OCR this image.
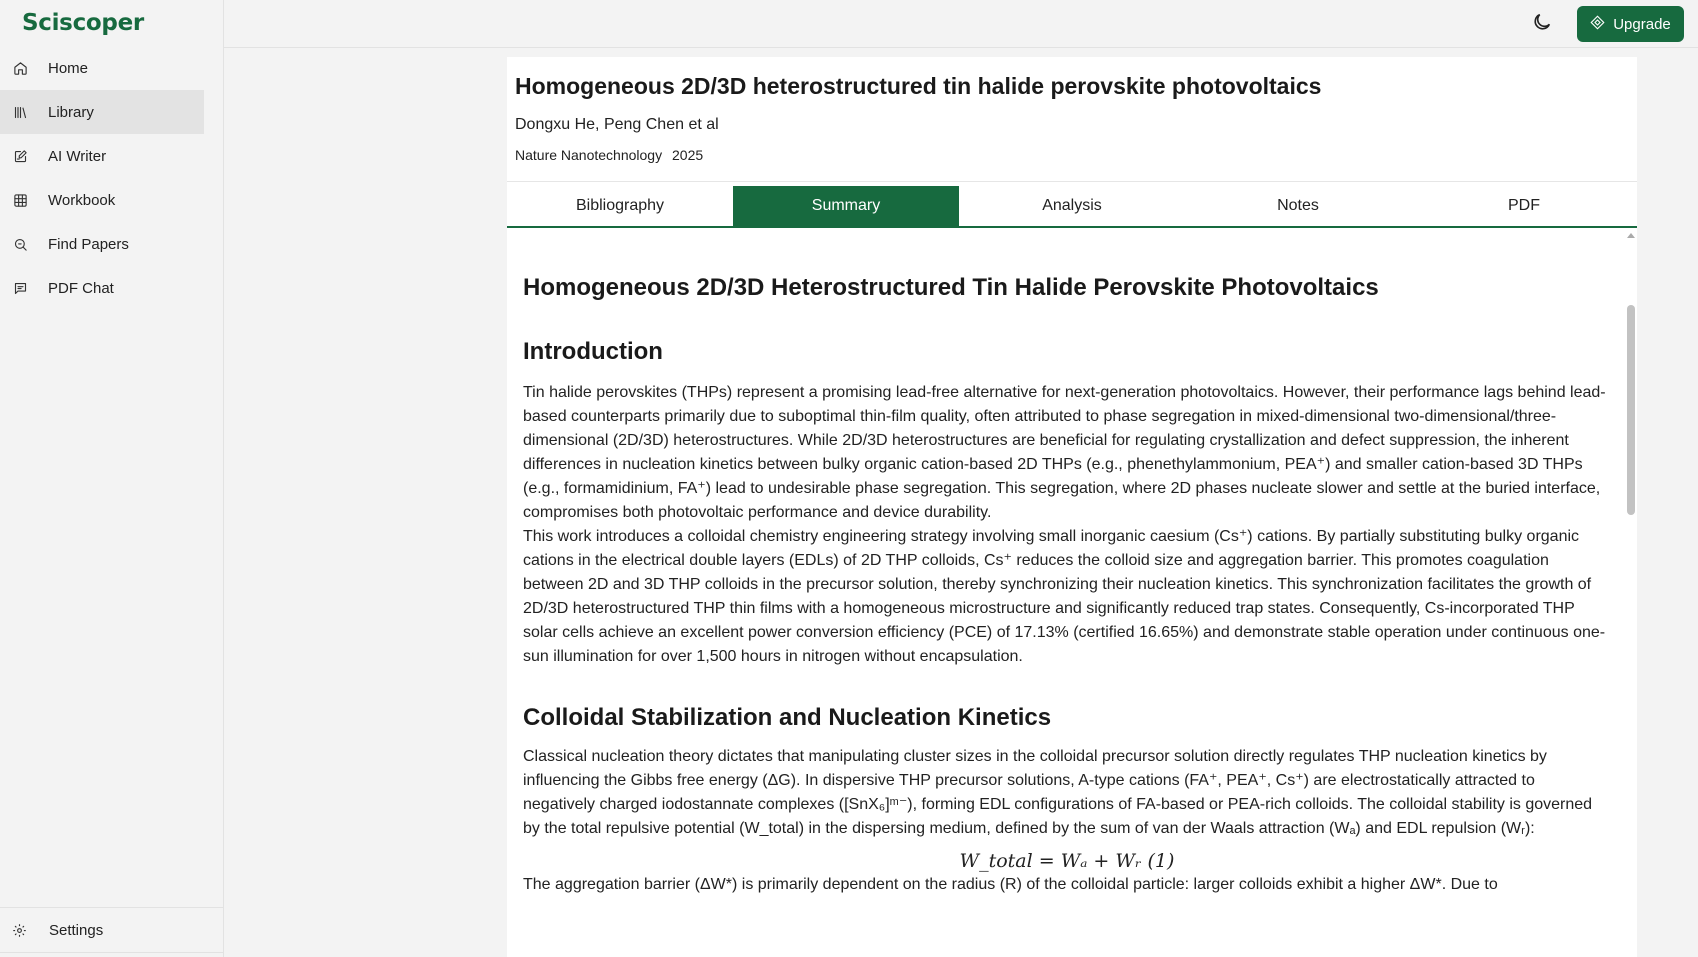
Sciscoper
Home
Library
AI Writer
Workbook
Find Papers
PDF Chat
Settings
Upgrade
Homogeneous 2D/3D heterostructured tin halide perovskite photovoltaics
Dongxu He, Peng Chen et al
Nature Nanotechnology 2025
Bibliography	Summary	Analysis	Notes	PDF
Homogeneous 2D/3D Heterostructured Tin Halide Perovskite Photovoltaics
Introduction

Tin halide perovskites (THPs) represent a promising lead-free alternative for next-generation photovoltaics. However, their performance lags behind lead-based counterparts primarily due to suboptimal thin-film quality, often attributed to phase segregation in mixed-dimensional two-dimensional/three-dimensional (2D/3D) heterostructures. While 2D/3D heterostructures are beneficial for regulating crystallization and defect suppression, the inherent differences in nucleation kinetics between bulky organic cation-based 2D THPs (e.g., phenethylammonium, PEA⁺) and smaller cation-based 3D THPs (e.g., formamidinium, FA⁺) lead to undesirable phase segregation. This segregation, where 2D phases nucleate slower and settle at the buried interface, compromises both photovoltaic performance and device durability.

This work introduces a colloidal chemistry engineering strategy involving small inorganic caesium (Cs⁺) cations. By partially substituting bulky organic cations in the electrical double layers (EDLs) of 2D THP colloids, Cs⁺ reduces the colloid size and aggregation barrier. This promotes coagulation between 2D and 3D THP colloids in the precursor solution, thereby synchronizing their nucleation kinetics. This synchronization facilitates the growth of 2D/3D heterostructured THP thin films with a homogeneous microstructure and significantly reduced trap states. Consequently, Cs-incorporated THP solar cells achieve an excellent power conversion efficiency (PCE) of 17.13% (certified 16.65%) and demonstrate stable operation under continuous one-sun illumination for over 1,500 hours in nitrogen without encapsulation.

Colloidal Stabilization and Nucleation Kinetics

Classical nucleation theory dictates that manipulating cluster sizes in the colloidal precursor solution directly regulates THP nucleation kinetics by influencing the Gibbs free energy (ΔG). In dispersive THP precursor solutions, A-type cations (FA⁺, PEA⁺, Cs⁺) are electrostatically attracted to negatively charged iodostannate complexes ([SnX₆]ᵐ⁻), forming EDL configurations of FA-based or PEA-rich colloids. The colloidal stability is governed by the total repulsive potential (W_total) in the dispersing medium, defined by the sum of van der Waals attraction (Wₐ) and EDL repulsion (Wᵣ):

W_total = Wₐ + Wᵣ (1)

The aggregation barrier (ΔW*) is primarily dependent on the radius (R) of the colloidal particle: larger colloids exhibit a higher ΔW*. Due to
